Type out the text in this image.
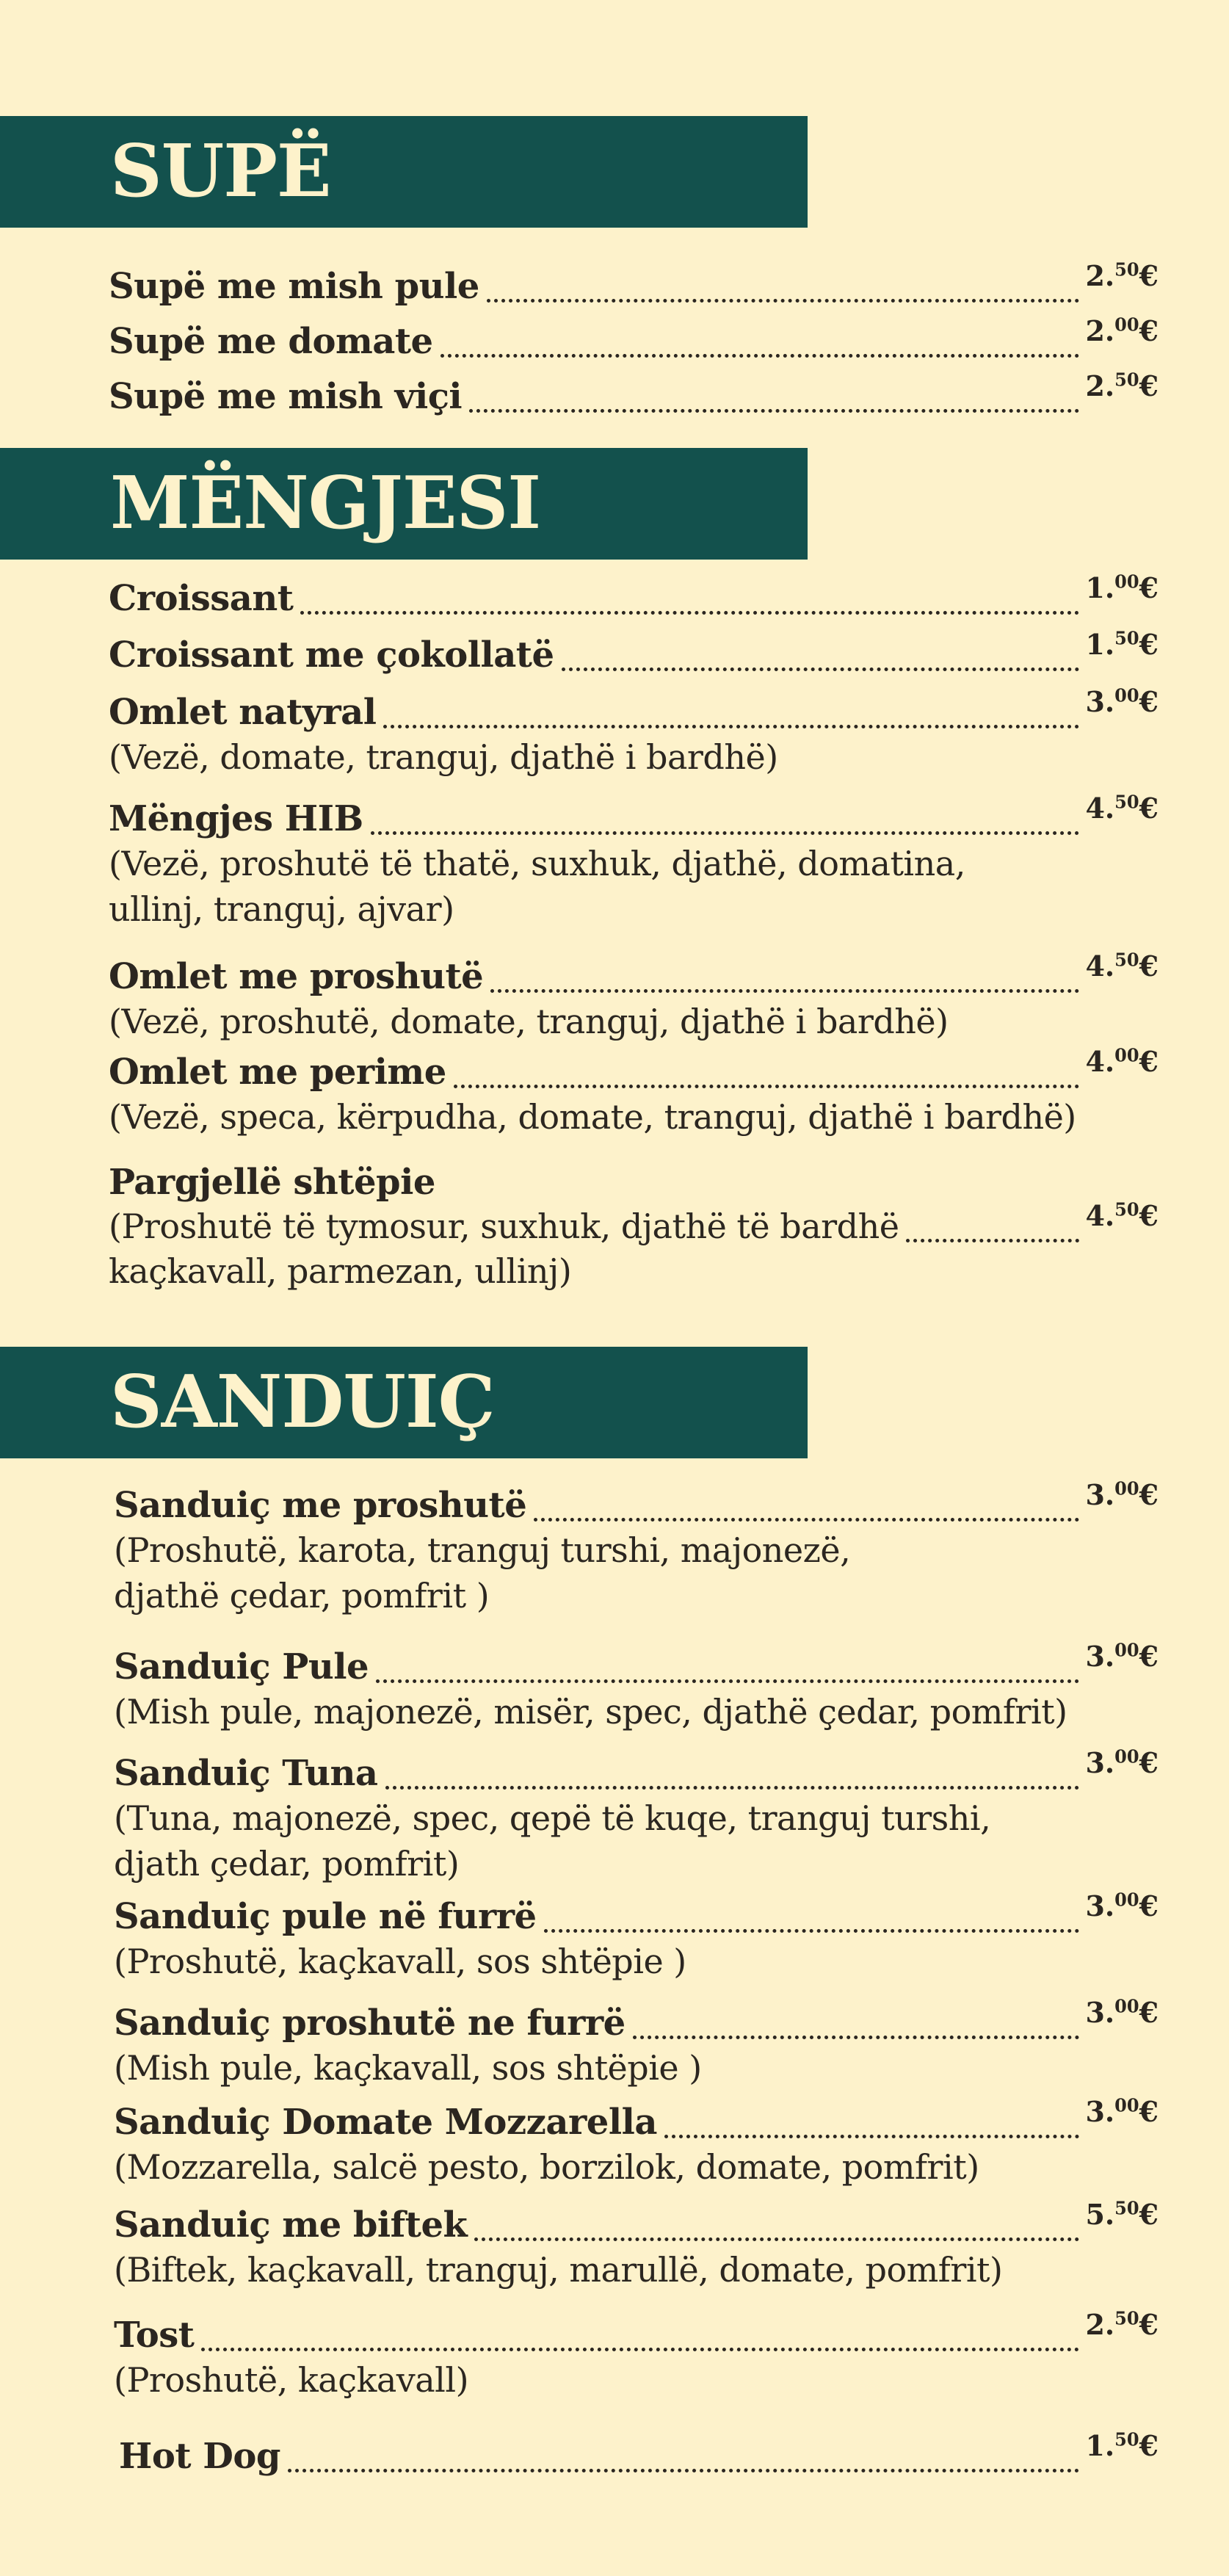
SUPË
Supë me mish pule	2.50€
Supë me domate	2.00€
Supë me mish viçi	2.50€
MËNGJESI
Croissant	1.00€
Croissant me çokollatë	1.50€
Omlet natyral	3.00€
(Vezë, domate, tranguj, djathë i bardhë)
Mëngjes HIB	4.50€
(Vezë, proshutë të thatë, suxhuk, djathë, domatina,
ullinj, tranguj, ajvar)
Omlet me proshutë	4.50€
(Vezë, proshutë, domate, tranguj, djathë i bardhë)
Omlet me perime	4.00€
(Vezë, speca, kërpudha, domate, tranguj, djathë i bardhë)
Pargjellë shtëpie
(Proshutë të tymosur, suxhuk, djathë të bardhë	4.50€
kaçkavall, parmezan, ullinj)
SANDUIÇ
Sanduiç me proshutë	3.00€
(Proshutë, karota, tranguj turshi, majonezë,
djathë çedar, pomfrit )
Sanduiç Pule	3.00€
(Mish pule, majonezë, misër, spec, djathë çedar, pomfrit)
Sanduiç Tuna	3.00€
(Tuna, majonezë, spec, qepë të kuqe, tranguj turshi,
djath çedar, pomfrit)
Sanduiç pule në furrë	3.00€
(Proshutë, kaçkavall, sos shtëpie )
Sanduiç proshutë ne furrë	3.00€
(Mish pule, kaçkavall, sos shtëpie )
Sanduiç Domate Mozzarella	3.00€
(Mozzarella, salcë pesto, borzilok, domate, pomfrit)
Sanduiç me biftek	5.50€
(Biftek, kaçkavall, tranguj, marullë, domate, pomfrit)
Tost	2.50€
(Proshutë, kaçkavall)
Hot Dog	1.50€
